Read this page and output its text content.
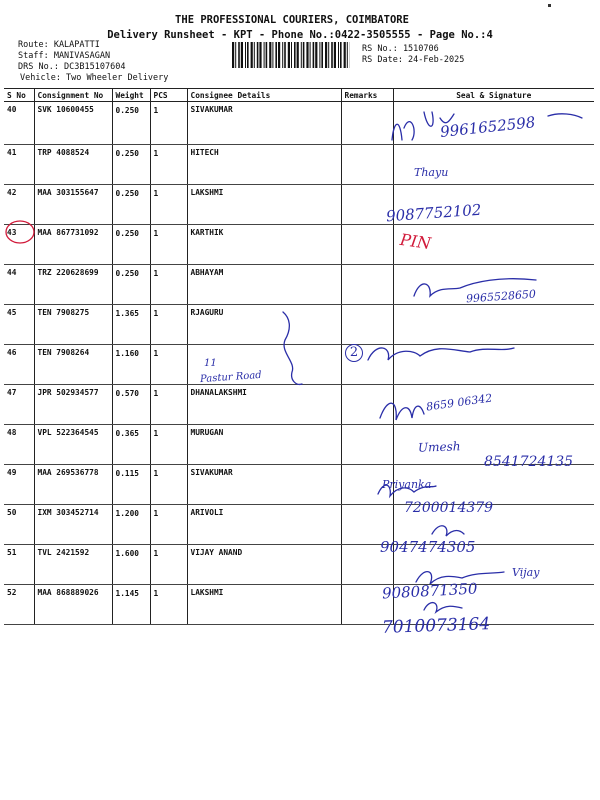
THE PROFESSIONAL COURIERS, COIMBATORE
Delivery Runsheet - KPT - Phone No.:0422-3505555 - Page No.:4
Route: KALAPATTI
Staff: MANIVASAGAN
DRS No.: DC3B15107604
Vehicle: Two Wheeler Delivery
RS No.: 1510706
RS Date: 24-Feb-2025
S No	Consignment No	Weight	PCS	Consignee Details	Remarks	Seal & Signature

40	SVK 10600455	0.250	1	SIVAKUMAR		

41	TRP 4088524	0.250	1	HITECH		

42	MAA 303155647	0.250	1	LAKSHMI		

43	MAA 867731092	0.250	1	KARTHIK		

44	TRZ 220628699	0.250	1	ABHAYAM		

45	TEN 7908275	1.365	1	RJAGURU		

46	TEN 7908264	1.160	1			

47	JPR 502934577	0.570	1	DHANALAKSHMI		

48	VPL 522364545	0.365	1	MURUGAN		

49	MAA 269536778	0.115	1	SIVAKUMAR		

50	IXM 303452714	1.200	1	ARIVOLI		

51	TVL 2421592	1.600	1	VIJAY ANAND		

52	MAA 868889026	1.145	1	LAKSHMI		

9961652598
Thayu
9087752102
PIN
9965528650
11
Pastur Road
2
8659 06342
Umesh
8541724135
Priyanka
7200014379
9047474305
Vijay
9080871350
7010073164
